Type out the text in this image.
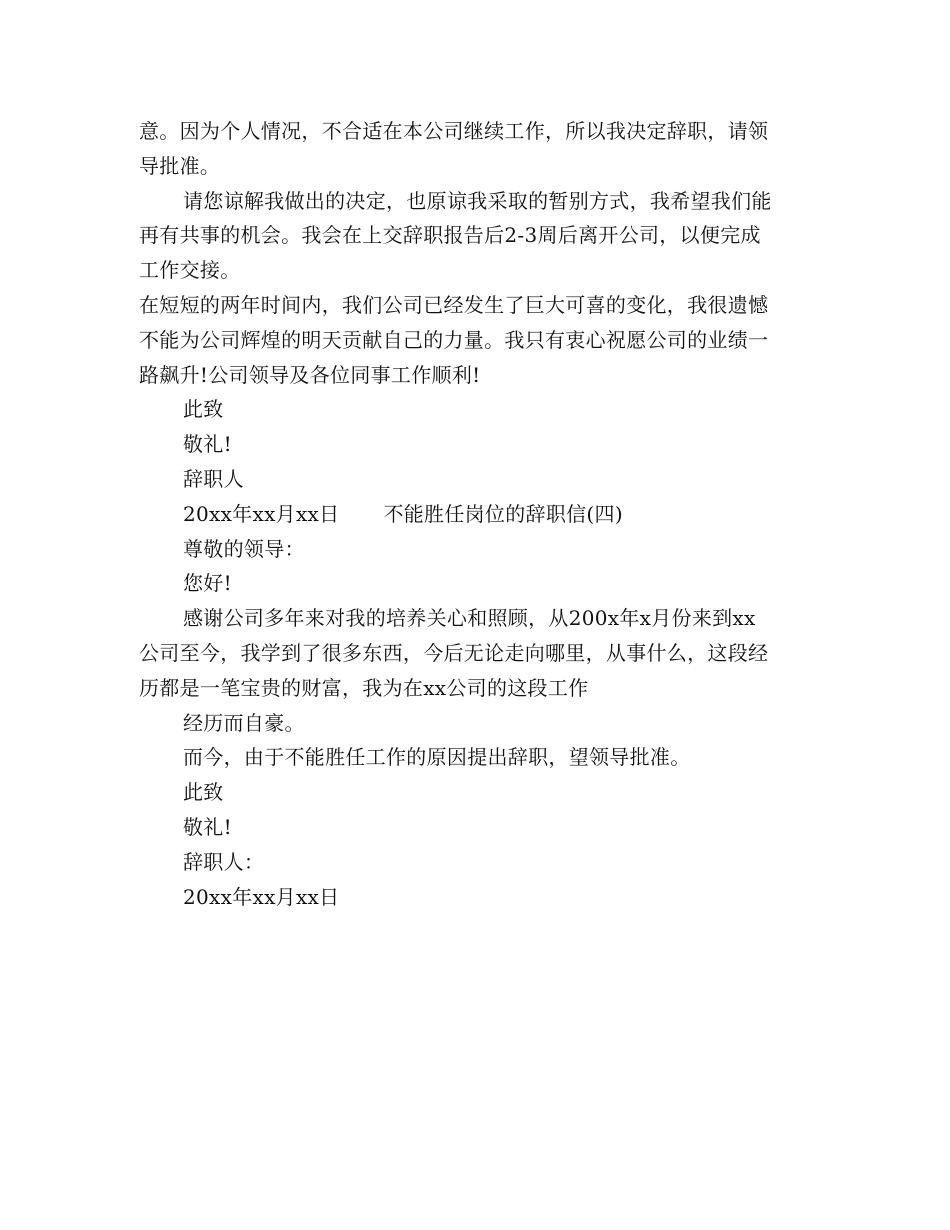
意。因为个人情况，不合适在本公司继续工作，所以我决定辞职，请领
导批准。
请您谅解我做出的决定，也原谅我采取的暂别方式，我希望我们能
再有共事的机会。我会在上交辞职报告后2-3周后离开公司，以便完成
工作交接。
在短短的两年时间内，我们公司已经发生了巨大可喜的变化，我很遗憾
不能为公司辉煌的明天贡献自己的力量。我只有衷心祝愿公司的业绩一
路飙升!公司领导及各位同事工作顺利!
此致
敬礼!
辞职人
20xx年xx月xx日 不能胜任岗位的辞职信(四)
尊敬的领导：
您好!
感谢公司多年来对我的培养关心和照顾，从200x年x月份来到xx
公司至今，我学到了很多东西，今后无论走向哪里，从事什么，这段经
历都是一笔宝贵的财富，我为在xx公司的这段工作
经历而自豪。
而今，由于不能胜任工作的原因提出辞职，望领导批准。
此致
敬礼!
辞职人：
20xx年xx月xx日
